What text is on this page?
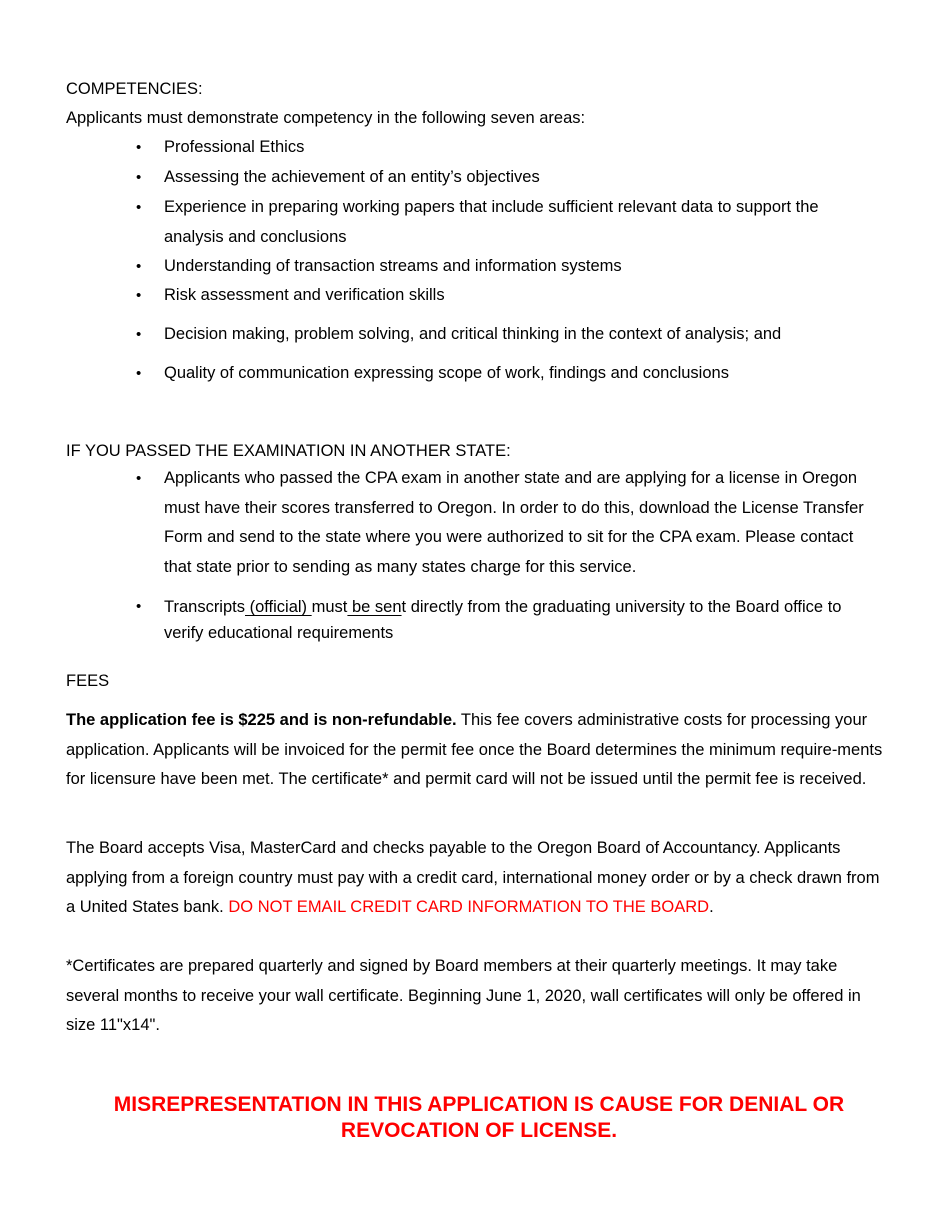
COMPETENCIES:
Applicants must demonstrate competency in the following seven areas:
• Professional Ethics
• Assessing the achievement of an entity’s objectives
• Experience in preparing working papers that include sufficient relevant data to support the analysis and conclusions
• Understanding of transaction streams and information systems
• Risk assessment and verification skills
• Decision making, problem solving, and critical thinking in the context of analysis; and
• Quality of communication expressing scope of work, findings and conclusions
IF YOU PASSED THE EXAMINATION IN ANOTHER STATE:
• Applicants who passed the CPA exam in another state and are applying for a license in Oregon must have their scores transferred to Oregon. In order to do this, download the License Transfer Form and send to the state where you were authorized to sit for the CPA exam. Please contact that state prior to sending as many states charge for this service.
• Transcripts (official) must be sent directly from the graduating university to the Board office to verify educational requirements
FEES

The application fee is $225 and is non-refundable. This fee covers administrative costs for processing your application. Applicants will be invoiced for the permit fee once the Board determines the minimum require-ments for licensure have been met. The certificate* and permit card will not be issued until the permit fee is received.

The Board accepts Visa, MasterCard and checks payable to the Oregon Board of Accountancy. Applicants applying from a foreign country must pay with a credit card, international money order or by a check drawn from a United States bank. DO NOT EMAIL CREDIT CARD INFORMATION TO THE BOARD.

*Certificates are prepared quarterly and signed by Board members at their quarterly meetings. It may take several months to receive your wall certificate. Beginning June 1, 2020, wall certificates will only be offered in size 11"x14".

MISREPRESENTATION IN THIS APPLICATION IS CAUSE FOR DENIAL OR
REVOCATION OF LICENSE.
